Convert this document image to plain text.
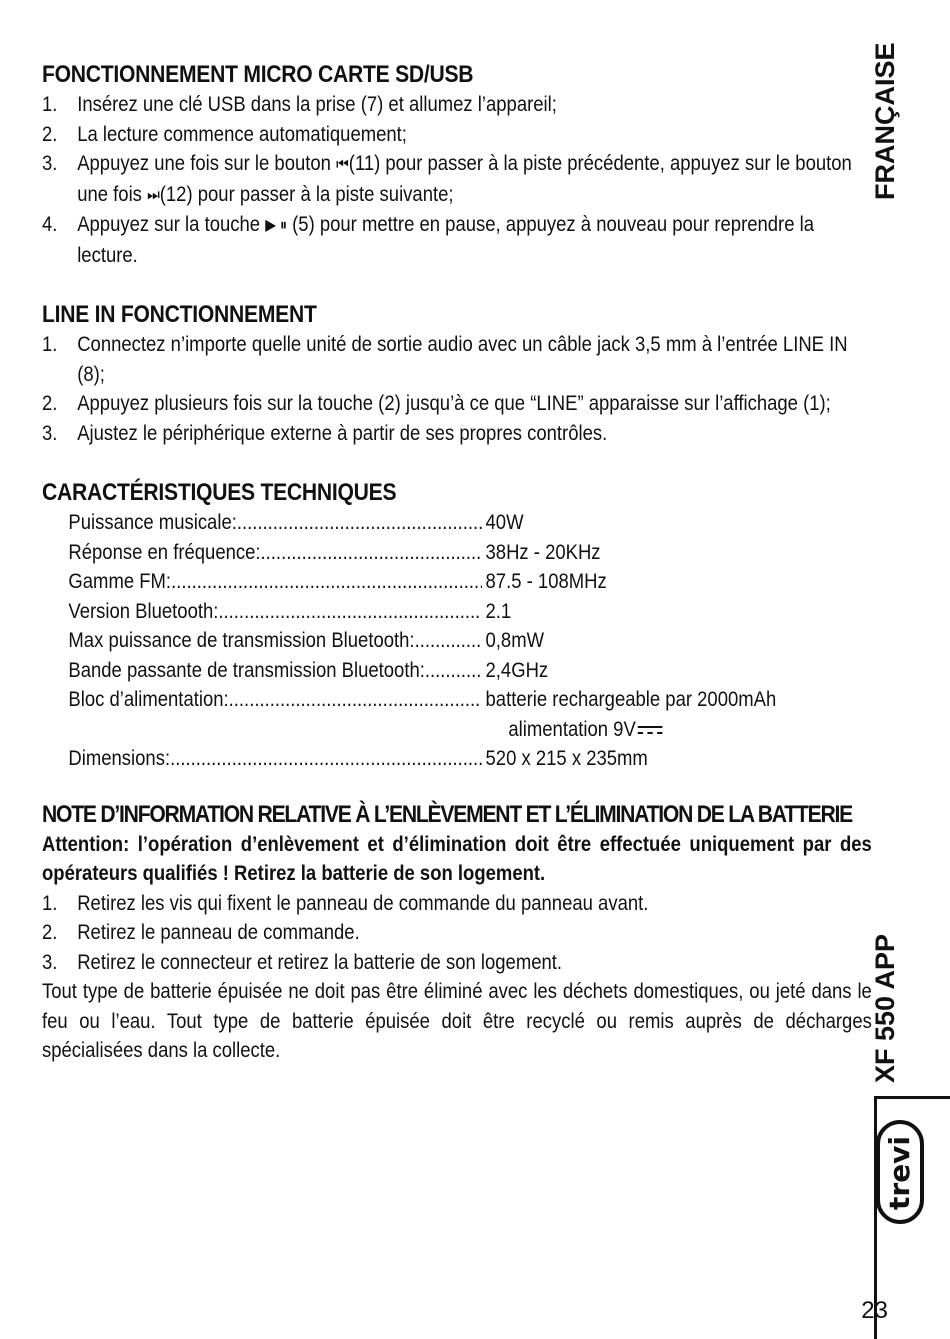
FONCTIONNEMENT MICRO CARTE SD/USB
1. Insérez une clé USB dans la prise (7) et allumez l’appareil;
2. La lecture commence automatiquement;
3. Appuyez une fois sur le bouton ⏮(11) pour passer à la piste précédente, appuyez sur le bouton une fois ⏭(12) pour passer à la piste suivante;
4. Appuyez sur la touche ▶ ⏸ (5) pour mettre en pause, appuyez à nouveau pour reprendre la lecture.
LINE IN FONCTIONNEMENT
1. Connectez n’importe quelle unité de sortie audio avec un câble jack 3,5 mm à l’entrée LINE IN (8);
2. Appuyez plusieurs fois sur la touche (2) jusqu’à ce que “LINE” apparaisse sur l’affichage (1);
3. Ajustez le périphérique externe à partir de ses propres contrôles.
CARACTÉRISTIQUES TECHNIQUES
Puissance musicale: .....	40W
Réponse en fréquence: .....	38Hz - 20KHz
Gamme FM: .....	87.5 - 108MHz
Version Bluetooth: .....	2.1
Max puissance de transmission Bluetooth: .....	0,8mW
Bande passante de transmission Bluetooth: .....	2,4GHz
Bloc d’alimentation: .....	batterie rechargeable par 2000mAh
alimentation 9V
Dimensions: .....	520 x 215 x 235mm
NOTE D’INFORMATION RELATIVE À L’ENLÈVEMENT ET L’ÉLIMINATION DE LA BATTERIE
Attention: l’opération d’enlèvement et d’élimination doit être effectuée uniquement par des opérateurs qualifiés ! Retirez la batterie de son logement.
1. Retirez les vis qui fixent le panneau de commande du panneau avant.
2. Retirez le panneau de commande.
3. Retirez le connecteur et retirez la batterie de son logement.
Tout type de batterie épuisée ne doit pas être éliminé avec les déchets domestiques, ou jeté dans le feu ou l’eau. Tout type de batterie épuisée doit être recyclé ou remis auprès de décharges spécialisées dans la collecte.
FRANÇAISE
XF 550 APP
trevi
23
